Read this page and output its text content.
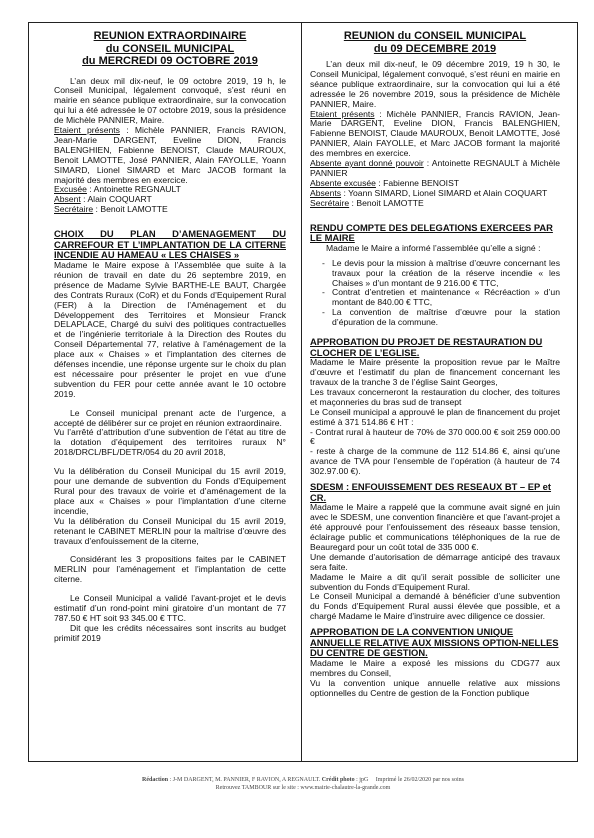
REUNION EXTRAORDINAIRE
du CONSEIL MUNICIPAL
du MERCREDI 09 OCTOBRE 2019

L’an deux mil dix-neuf, le 09 octobre 2019, 19 h, le Conseil Municipal, légalement convoqué, s’est réuni en mairie en séance publique extraordinaire, sur la convocation qui lui a été adressée le 07 octobre 2019, sous la présidence de Michèle PANNIER, Maire.

Etaient présents : Michèle PANNIER, Francis RAVION, Jean-Marie DARGENT, Eveline DION, Francis BALENGHIEN, Fabienne BENOIST, Claude MAUROUX, Benoit LAMOTTE, José PANNIER, Alain FAYOLLE, Yoann SIMARD, Lionel SIMARD et Marc JACOB formant la majorité des membres en exercice.

Excusée : Antoinette REGNAULT

Absent : Alain COQUART

Secrétaire : Benoit LAMOTTE

CHOIX DU PLAN D’AMENAGEMENT DU CARREFOUR ET L’IMPLANTATION DE LA CITERNE INCENDIE AU HAMEAU « LES CHAISES »

Madame le Maire expose à l’Assemblée que suite à la réunion de travail en date du 26 septembre 2019, en présence de Madame Sylvie BARTHE-LE BAUT, Chargée des Contrats Ruraux (CoR) et du Fonds d’Equipement Rural (FER) à la Direction de l’Aménagement et du Développement des Territoires et Monsieur Franck DELAPLACE, Chargé du suivi des politiques contractuelles et de l’ingénierie territoriale à la Direction des Routes du Conseil Départemental 77, relative à l’aménagement de la place aux « Chaises » et l’implantation des citernes de défenses incendie, une réponse urgente sur le choix du plan est nécessaire pour présenter le projet en vue d’une subvention du FER pour cette année avant le 10 octobre 2019.

Le Conseil municipal prenant acte de l’urgence, a accepté de délibérer sur ce projet en réunion extraordinaire.

Vu l’arrêté d’attribution d’une subvention de l’état au titre de la dotation d’équipement des territoires ruraux N° 2018/DRCL/BFL/DETR/054 du 20 avril 2018,

Vu la délibération du Conseil Municipal du 15 avril 2019, pour une demande de subvention du Fonds d’Equipement Rural pour des travaux de voirie et d’aménagement de la place aux « Chaises » pour l’implantation d’une citerne incendie,

Vu la délibération du Conseil Municipal du 15 avril 2019, retenant le CABINET MERLIN pour la maîtrise d’œuvre des travaux d’enfouissement de la citerne,

Considérant les 3 propositions faites par le CABINET MERLIN pour l’aménagement et l’implantation de cette citerne.

Le Conseil Municipal a validé l’avant-projet et le devis estimatif d’un rond-point mini giratoire d’un montant de 77 787.50 € HT soit 93 345.00 € TTC.

Dit que les crédits nécessaires sont inscrits au budget primitif 2019

REUNION du CONSEIL MUNICIPAL
du 09 DECEMBRE 2019

L’an deux mil dix-neuf, le 09 décembre 2019, 19 h 30, le Conseil Municipal, légalement convoqué, s’est réuni en mairie en séance publique extraordinaire, sur la convocation qui lui a été adressée le 26 novembre 2019, sous la présidence de Michèle PANNIER, Maire.

Etaient présents : Michèle PANNIER, Francis RAVION, Jean-Marie DARGENT, Eveline DION, Francis BALENGHIEN, Fabienne BENOIST, Claude MAUROUX, Benoit LAMOTTE, José PANNIER, Alain FAYOLLE, et Marc JACOB formant la majorité des membres en exercice.

Absente ayant donné pouvoir : Antoinette REGNAULT à Michèle PANNIER

Absente excusée : Fabienne BENOIST

Absents : Yoann SIMARD, Lionel SIMARD et Alain COQUART

Secrétaire : Benoit LAMOTTE

RENDU COMPTE DES DELEGATIONS EXERCEES PAR LE MAIRE

Madame le Maire a informé l’assemblée qu’elle a signé :

- Le devis pour la mission à maîtrise d’œuvre concernant les travaux pour la création de la réserve incendie « les Chaises » d’un montant de 9 216.00 € TTC,
- Contrat d’entretien et maintenance « Récréaction » d’un montant de 840.00 € TTC,
- La convention de maîtrise d’œuvre pour la station d’épuration de la commune.
APPROBATION DU PROJET DE RESTAURATION DU CLOCHER DE L’EGLISE.

Madame le Maire présente la proposition revue par le Maître d’œuvre et l’estimatif du plan de financement concernant les travaux de la tranche 3 de l’église Saint Georges,

Les travaux concerneront la restauration du clocher, des toitures et maçonneries du bras sud de transept

Le Conseil municipal a approuvé le plan de financement du projet estimé à 371 514.86 € HT :

- Contrat rural à hauteur de 70% de 370 000.00 € soit 259 000.00 €

- reste à charge de la commune de 112 514.86 €, ainsi qu’une avance de TVA pour l’ensemble de l’opération (à hauteur de 74 302.97.00 €).

SDESM : ENFOUISSEMENT DES RESEAUX BT – EP et CR.

Madame le Maire a rappelé que la commune avait signé en juin avec le SDESM, une convention financière et que l’avant-projet a été approuvé pour l’enfouissement des réseaux basse tension, éclairage public et communications téléphoniques de la rue de Beauregard pour un coût total de 335 000 €.

Une demande d’autorisation de démarrage anticipé des travaux sera faite.

Madame le Maire a dit qu’il serait possible de solliciter une subvention du Fonds d’Equipement Rural.

Le Conseil Municipal a demandé à bénéficier d’une subvention du Fonds d’Equipement Rural aussi élevée que possible, et a chargé Madame le Maire d’instruire avec diligence ce dossier.

APPROBATION DE LA CONVENTION UNIQUE ANNUELLE RELATIVE AUX MISSIONS OPTION-NELLES DU CENTRE DE GESTION.

Madame le Maire a exposé les missions du CDG77 aux membres du Conseil,

Vu la convention unique annuelle relative aux missions optionnelles du Centre de gestion de la Fonction publique

Rédaction : J-M DARGENT, M. PANNIER, F RAVION, A REGNAULT. Crédit photo : jpG Imprimé le 26/02/2020 par nos soins
Retrouvez TAMBOUR sur le site : www.mairie-chalautre-la-grande.com
